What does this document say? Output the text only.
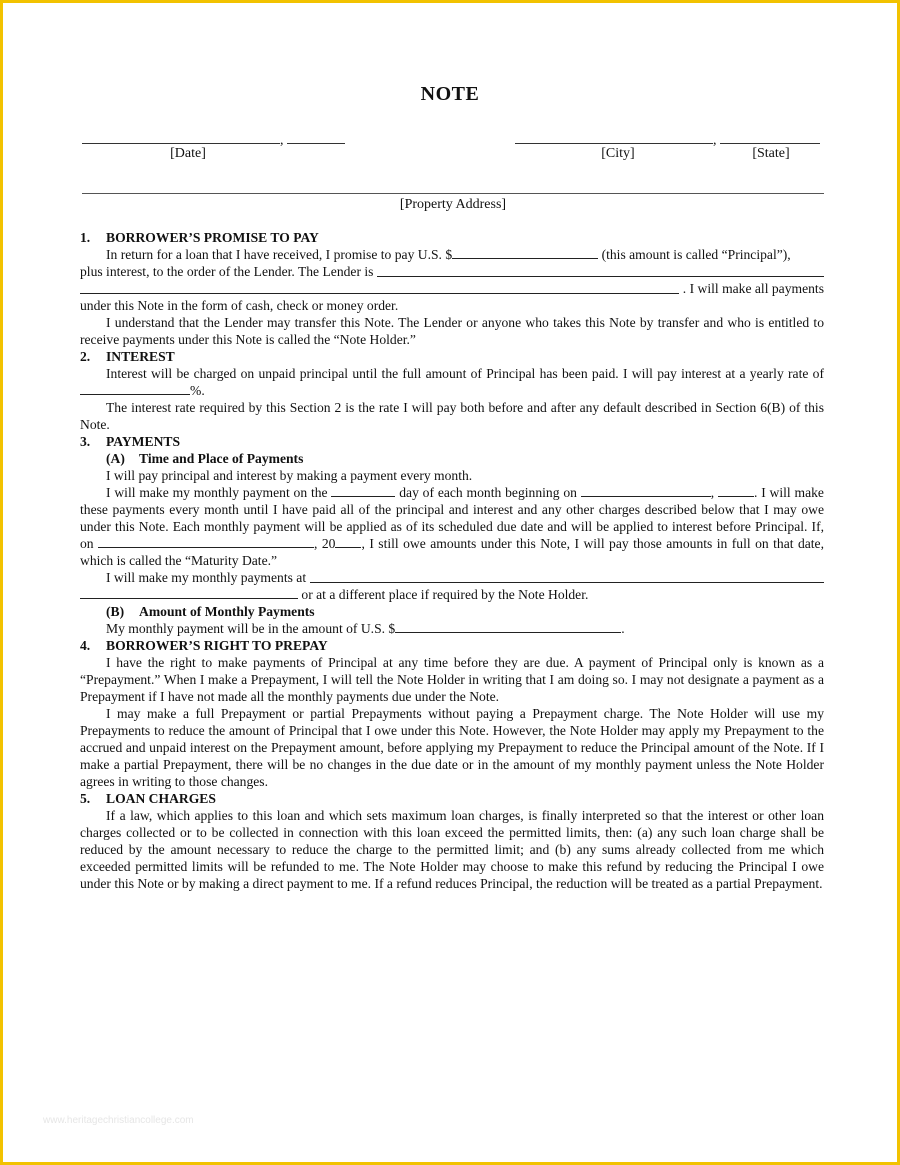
NOTE
,	,
[Date]	[City]	[State]
[Property Address]

1. BORROWER’S PROMISE TO PAY

In return for a loan that I have received, I promise to pay U.S. $	(this amount is called “Principal”),

plus interest, to the order of the Lender. The Lender is
. I will make all payments

under this Note in the form of cash, check or money order.

I understand that the Lender may transfer this Note. The Lender or anyone who takes this Note by transfer and who is entitled to receive payments under this Note is called the “Note Holder.”

2. INTEREST

Interest will be charged on unpaid principal until the full amount of Principal has been paid. I will pay interest at a yearly rate of %.

The interest rate required by this Section 2 is the rate I will pay both before and after any default described in Section 6(B) of this Note.

3. PAYMENTS

(A) Time and Place of Payments

I will pay principal and interest by making a payment every month.

I will make my monthly payment on the	day of each month beginning on	,	. I will make these payments every month until I have paid all of the principal and interest and any other charges described below that I may owe under this Note. Each monthly payment will be applied as of its scheduled due date and will be applied to interest before Principal. If, on	, 20 , I still owe amounts under this Note, I will pay those amounts in full on that date, which is called the “Maturity Date.”

I will make my monthly payments at

or at a different place if required by the Note Holder.

(B) Amount of Monthly Payments

My monthly payment will be in the amount of U.S. $	.

4. BORROWER’S RIGHT TO PREPAY

I have the right to make payments of Principal at any time before they are due. A payment of Principal only is known as a “Prepayment.” When I make a Prepayment, I will tell the Note Holder in writing that I am doing so. I may not designate a payment as a Prepayment if I have not made all the monthly payments due under the Note.

I may make a full Prepayment or partial Prepayments without paying a Prepayment charge. The Note Holder will use my Prepayments to reduce the amount of Principal that I owe under this Note. However, the Note Holder may apply my Prepayment to the accrued and unpaid interest on the Prepayment amount, before applying my Prepayment to reduce the Principal amount of the Note. If I make a partial Prepayment, there will be no changes in the due date or in the amount of my monthly payment unless the Note Holder agrees in writing to those changes.

5. LOAN CHARGES

If a law, which applies to this loan and which sets maximum loan charges, is finally interpreted so that the interest or other loan charges collected or to be collected in connection with this loan exceed the permitted limits, then: (a) any such loan charge shall be reduced by the amount necessary to reduce the charge to the permitted limit; and (b) any sums already collected from me which exceeded permitted limits will be refunded to me. The Note Holder may choose to make this refund by reducing the Principal I owe under this Note or by making a direct payment to me. If a refund reduces Principal, the reduction will be treated as a partial Prepayment.

www.heritagechristiancollege.com
